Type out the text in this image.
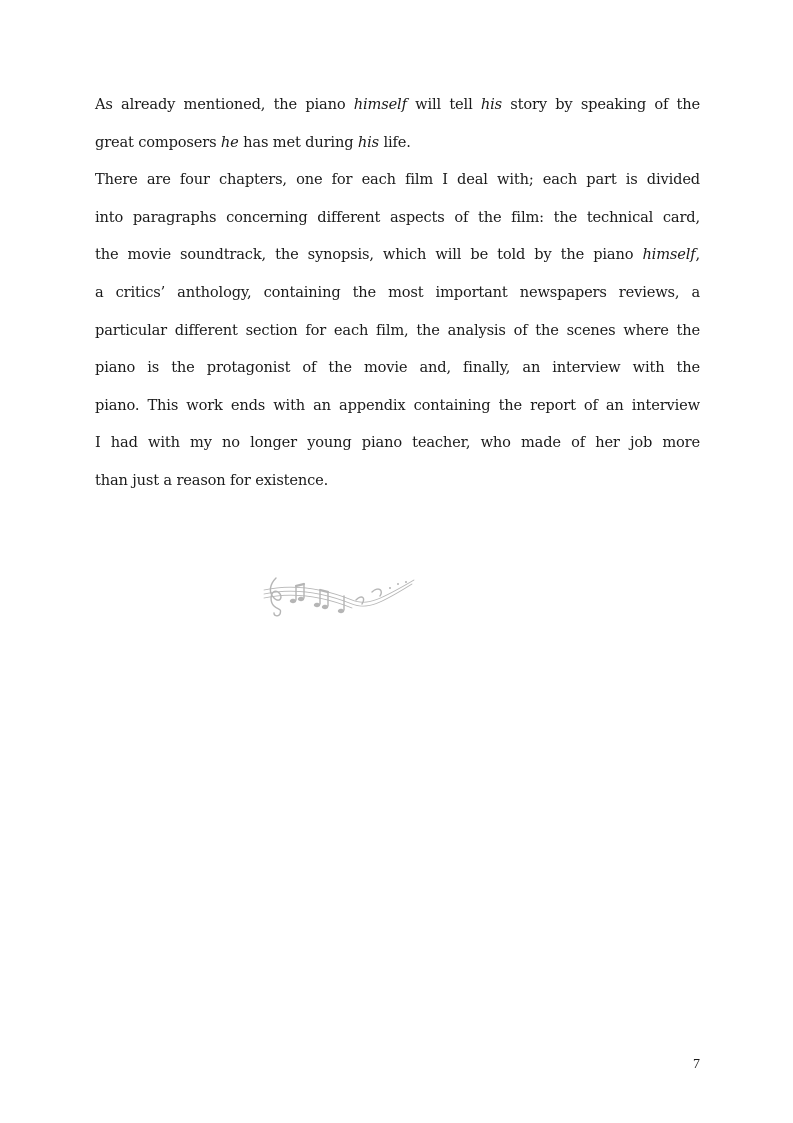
As already mentioned, the piano himself will tell his story by speaking of the
great composers he has met during his life.
There are four chapters, one for each film I deal with; each part is divided
into paragraphs concerning different aspects of the film: the technical card,
the movie soundtrack, the synopsis, which will be told by the piano himself,
a critics’ anthology, containing the most important newspapers reviews, a
particular different section for each film, the analysis of the scenes where the
piano is the protagonist of the movie and, finally, an interview with the
piano. This work ends with an appendix containing the report of an interview
I had with my no longer young piano teacher, who made of her job more
than just a reason for existence.
7
